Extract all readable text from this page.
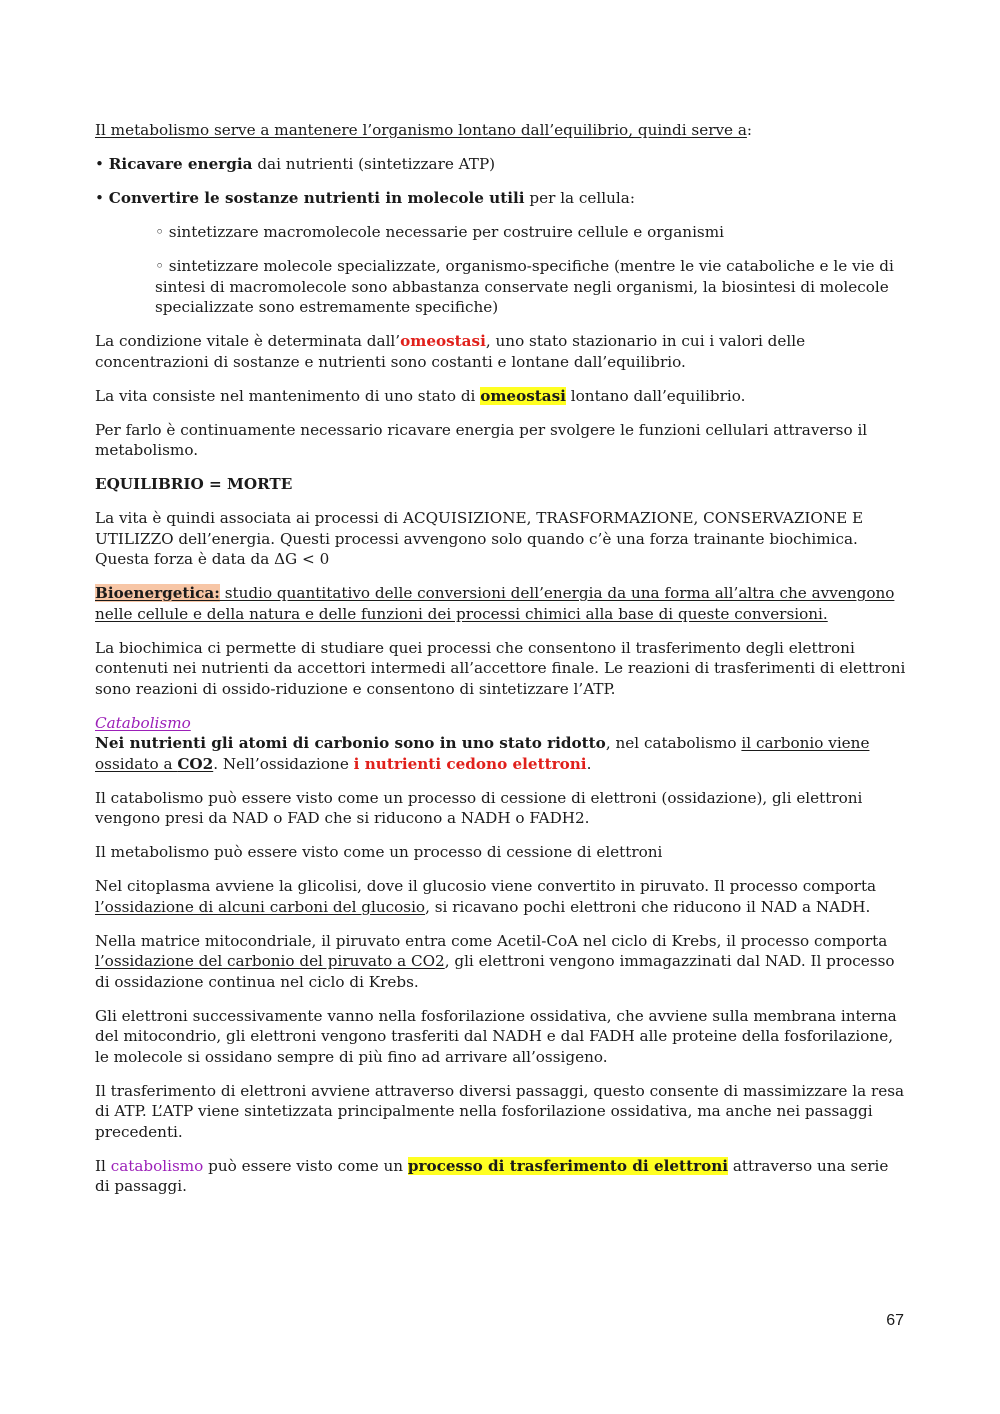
Il metabolismo serve a mantenere l’organismo lontano dall’equilibrio, quindi serve a:

• Ricavare energia dai nutrienti (sintetizzare ATP)

• Convertire le sostanze nutrienti in molecole utili per la cellula:

◦ sintetizzare macromolecole necessarie per costruire cellule e organismi

◦ sintetizzare molecole specializzate, organismo-specifiche (mentre le vie cataboliche e le vie di sintesi di macromolecole sono abbastanza conservate negli organismi, la biosintesi di molecole specializzate sono estremamente specifiche)

La condizione vitale è determinata dall’omeostasi, uno stato stazionario in cui i valori delle concentrazioni di sostanze e nutrienti sono costanti e lontane dall’equilibrio.

La vita consiste nel mantenimento di uno stato di omeostasi lontano dall’equilibrio.

Per farlo è continuamente necessario ricavare energia per svolgere le funzioni cellulari attraverso il metabolismo.

EQUILIBRIO = MORTE

La vita è quindi associata ai processi di ACQUISIZIONE, TRASFORMAZIONE, CONSERVAZIONE E UTILIZZO dell’energia. Questi processi avvengono solo quando c’è una forza trainante biochimica.
Questa forza è data da ΔG < 0

Bioenergetica: studio quantitativo delle conversioni dell’energia da una forma all’altra che avvengono nelle cellule e della natura e delle funzioni dei processi chimici alla base di queste conversioni.

La biochimica ci permette di studiare quei processi che consentono il trasferimento degli elettroni contenuti nei nutrienti da accettori intermedi all’accettore finale. Le reazioni di trasferimenti di elettroni sono reazioni di ossido-riduzione e consentono di sintetizzare l’ATP.

Catabolismo

Nei nutrienti gli atomi di carbonio sono in uno stato ridotto, nel catabolismo il carbonio viene ossidato a CO2. Nell’ossidazione i nutrienti cedono elettroni.

Il catabolismo può essere visto come un processo di cessione di elettroni (ossidazione), gli elettroni vengono presi da NAD o FAD che si riducono a NADH o FADH2.

Il metabolismo può essere visto come un processo di cessione di elettroni

Nel citoplasma avviene la glicolisi, dove il glucosio viene convertito in piruvato. Il processo comporta l’ossidazione di alcuni carboni del glucosio, si ricavano pochi elettroni che riducono il NAD a NADH.

Nella matrice mitocondriale, il piruvato entra come Acetil-CoA nel ciclo di Krebs, il processo comporta l’ossidazione del carbonio del piruvato a CO2, gli elettroni vengono immagazzinati dal NAD. Il processo di ossidazione continua nel ciclo di Krebs.

Gli elettroni successivamente vanno nella fosforilazione ossidativa, che avviene sulla membrana interna del mitocondrio, gli elettroni vengono trasferiti dal NADH e dal FADH alle proteine della fosforilazione, le molecole si ossidano sempre di più fino ad arrivare all’ossigeno.

Il trasferimento di elettroni avviene attraverso diversi passaggi, questo consente di massimizzare la resa di ATP. L’ATP viene sintetizzata principalmente nella fosforilazione ossidativa, ma anche nei passaggi precedenti.

Il catabolismo può essere visto come un processo di trasferimento di elettroni attraverso una serie di passaggi.

67
